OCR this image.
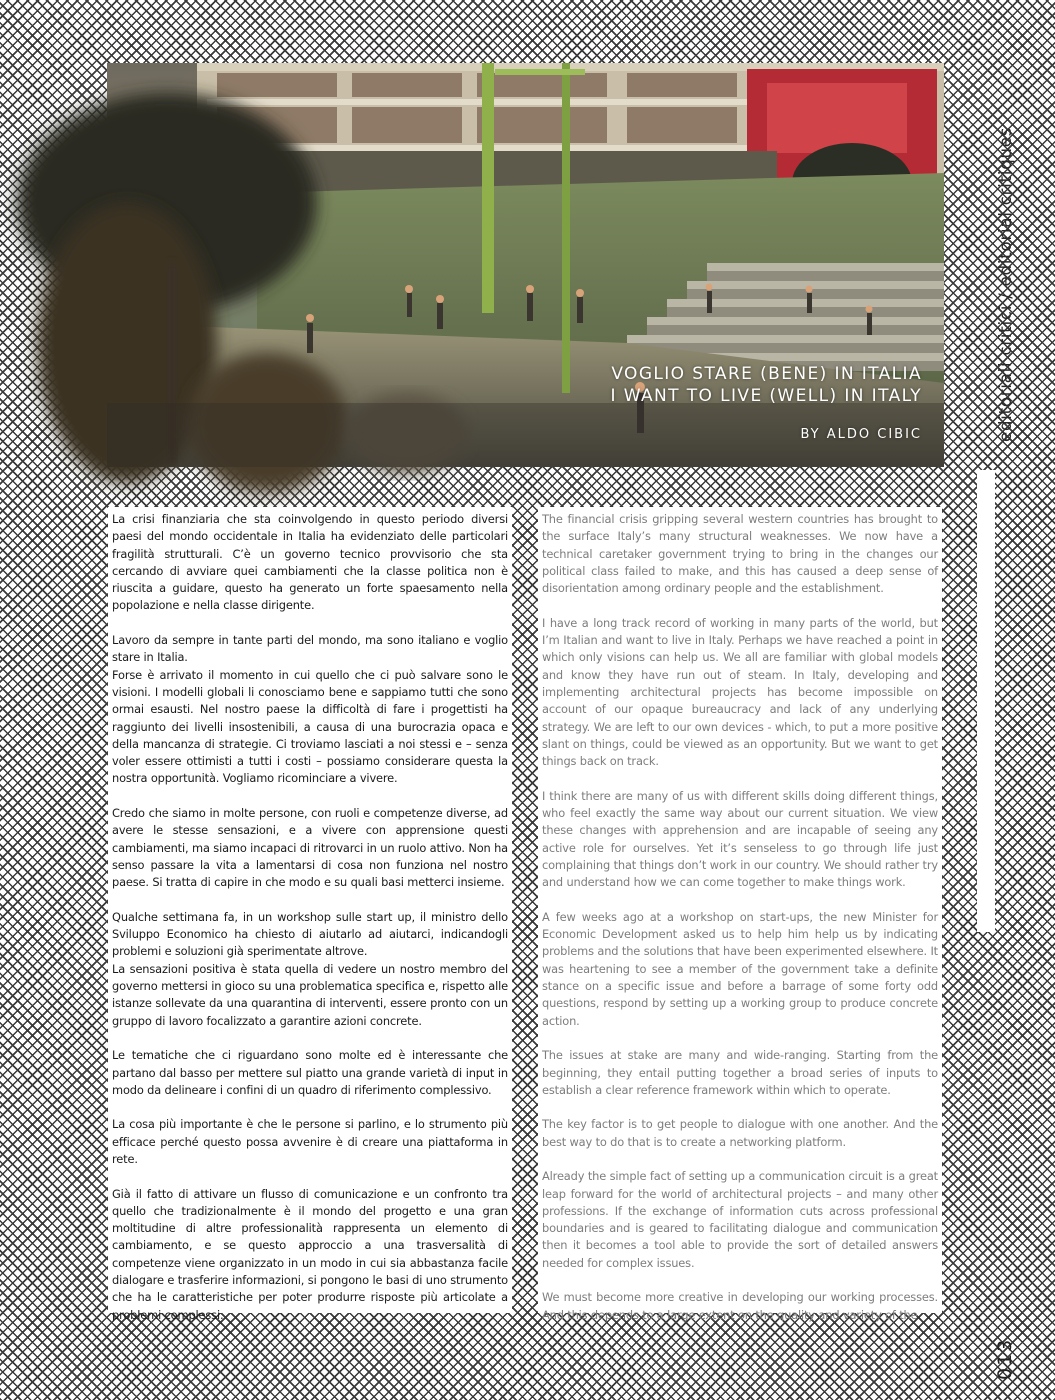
VOGLIO STARE (BENE) IN ITALIA
I WANT TO LIVE (WELL) IN ITALY
BY ALDO CIBIC

La crisi finanziaria che sta coinvolgendo in questo periodo diversi paesi del mondo occidentale in Italia ha evidenziato delle particolari fragilità strutturali. C’è un governo tecnico provvisorio che sta cercando di avviare quei cambiamenti che la classe politica non è riuscita a guidare, questo ha generato un forte spaesamento nella popolazione e nella classe dirigente.

Lavoro da sempre in tante parti del mondo, ma sono italiano e voglio stare in Italia.

Forse è arrivato il momento in cui quello che ci può salvare sono le visioni. I modelli globali li conosciamo bene e sappiamo tutti che sono ormai esausti. Nel nostro paese la difficoltà di fare i progettisti ha raggiunto dei livelli insostenibili, a causa di una burocrazia opaca e della mancanza di strategie. Ci troviamo lasciati a noi stessi e – senza voler essere ottimisti a tutti i costi – possiamo considerare questa la nostra opportunità. Vogliamo ricominciare a vivere.

Credo che siamo in molte persone, con ruoli e competenze diverse, ad avere le stesse sensazioni, e a vivere con apprensione questi cambiamenti, ma siamo incapaci di ritrovarci in un ruolo attivo. Non ha senso passare la vita a lamentarsi di cosa non funziona nel nostro paese. Si tratta di capire in che modo e su quali basi metterci insieme.

Qualche settimana fa, in un workshop sulle start up, il ministro dello Sviluppo Economico ha chiesto di aiutarlo ad aiutarci, indicandogli problemi e soluzioni già sperimentate altrove.

La sensazioni positiva è stata quella di vedere un nostro membro del governo mettersi in gioco su una problematica specifica e, rispetto alle istanze sollevate da una quarantina di interventi, essere pronto con un gruppo di lavoro focalizzato a garantire azioni concrete.

Le tematiche che ci riguardano sono molte ed è interessante che partano dal basso per mettere sul piatto una grande varietà di input in modo da delineare i confini di un quadro di riferimento complessivo.

La cosa più importante è che le persone si parlino, e lo strumento più efficace perché questo possa avvenire è di creare una piattaforma in rete.

Già il fatto di attivare un flusso di comunicazione e un confronto tra quello che tradizionalmente è il mondo del progetto e una gran moltitudine di altre professionalità rappresenta un elemento di cambiamento, e se questo approccio a una trasversalità di competenze viene organizzato in un modo in cui sia abbastanza facile dialogare e trasferire informazioni, si pongono le basi di uno strumento che ha le caratteristiche per poter produrre risposte più articolate a problemi complessi.

The financial crisis gripping several western countries has brought to the surface Italy’s many structural weaknesses. We now have a technical caretaker government trying to bring in the changes our political class failed to make, and this has caused a deep sense of disorientation among ordinary people and the establishment.

I have a long track record of working in many parts of the world, but I’m Italian and want to live in Italy. Perhaps we have reached a point in which only visions can help us. We all are familiar with global models and know they have run out of steam. In Italy, developing and implementing architectural projects has become impossible on account of our opaque bureaucracy and lack of any underlying strategy. We are left to our own devices - which, to put a more positive slant on things, could be viewed as an opportunity. But we want to get things back on track.

I think there are many of us with different skills doing different things, who feel exactly the same way about our current situation. We view these changes with apprehension and are incapable of seeing any active role for ourselves. Yet it’s senseless to go through life just complaining that things don’t work in our country. We should rather try and understand how we can come together to make things work.

A few weeks ago at a workshop on start-ups, the new Minister for Economic Development asked us to help him help us by indicating problems and the solutions that have been experimented elsewhere. It was heartening to see a member of the government take a definite stance on a specific issue and before a barrage of some forty odd questions, respond by setting up a working group to produce concrete action.

The issues at stake are many and wide-ranging. Starting from the beginning, they entail putting together a broad series of inputs to establish a clear reference framework within which to operate.

The key factor is to get people to dialogue with one another. And the best way to do that is to create a networking platform.

Already the simple fact of setting up a communication circuit is a great leap forward for the world of architectural projects – and many other professions. If the exchange of information cuts across professional boundaries and is geared to facilitating dialogue and communication then it becomes a tool able to provide the sort of detailed answers needed for complex issues.

We must become more creative in developing our working processes. And this depends to a large extent on the quality and variety of the

editoriali critici / editorial critiques
013
